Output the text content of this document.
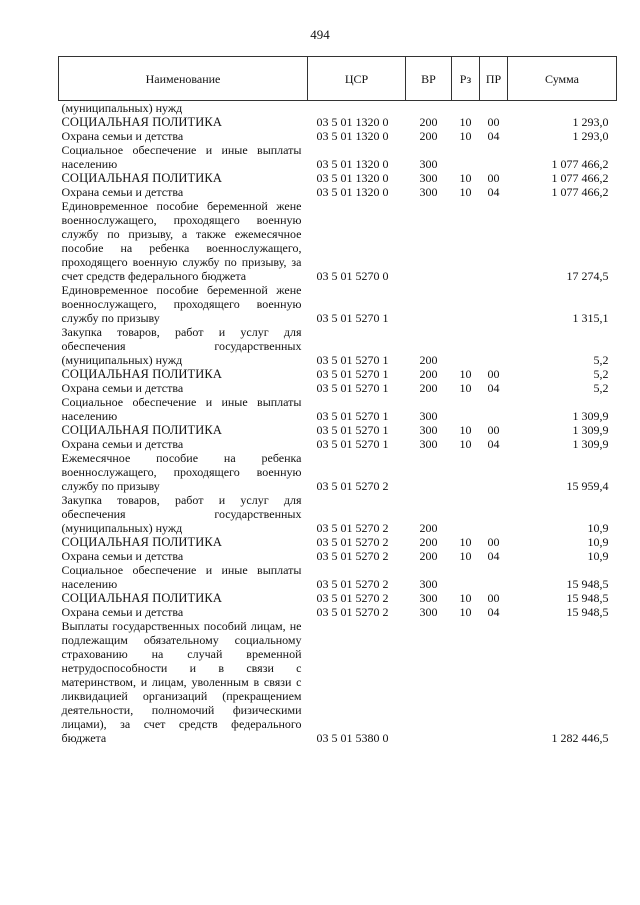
494
Наименование	ЦСР	ВР	Рз	ПР	Сумма
(муниципальных) нужд					
СОЦИАЛЬНАЯ ПОЛИТИКА	03 5 01 1320 0	200	10	00	1 293,0
Охрана семьи и детства	03 5 01 1320 0	200	10	04	1 293,0
Социальное обеспечение и иные выплаты населению	03 5 01 1320 0	300			1 077 466,2
СОЦИАЛЬНАЯ ПОЛИТИКА	03 5 01 1320 0	300	10	00	1 077 466,2
Охрана семьи и детства	03 5 01 1320 0	300	10	04	1 077 466,2
Единовременное пособие беременной жене военнослужащего, проходящего военную службу по призыву, а также ежемесячное пособие на ребенка военнослужащего, проходящего военную службу по призыву, за счет средств федерального бюджета	03 5 01 5270 0				17 274,5
Единовременное пособие беременной жене военнослужащего, проходящего военную службу по призыву	03 5 01 5270 1				1 315,1
Закупка товаров, работ и услуг для обеспечения государственных (муниципальных) нужд	03 5 01 5270 1	200			5,2
СОЦИАЛЬНАЯ ПОЛИТИКА	03 5 01 5270 1	200	10	00	5,2
Охрана семьи и детства	03 5 01 5270 1	200	10	04	5,2
Социальное обеспечение и иные выплаты населению	03 5 01 5270 1	300			1 309,9
СОЦИАЛЬНАЯ ПОЛИТИКА	03 5 01 5270 1	300	10	00	1 309,9
Охрана семьи и детства	03 5 01 5270 1	300	10	04	1 309,9
Ежемесячное пособие на ребенка военнослужащего, проходящего военную службу по призыву	03 5 01 5270 2				15 959,4
Закупка товаров, работ и услуг для обеспечения государственных (муниципальных) нужд	03 5 01 5270 2	200			10,9
СОЦИАЛЬНАЯ ПОЛИТИКА	03 5 01 5270 2	200	10	00	10,9
Охрана семьи и детства	03 5 01 5270 2	200	10	04	10,9
Социальное обеспечение и иные выплаты населению	03 5 01 5270 2	300			15 948,5
СОЦИАЛЬНАЯ ПОЛИТИКА	03 5 01 5270 2	300	10	00	15 948,5
Охрана семьи и детства	03 5 01 5270 2	300	10	04	15 948,5
Выплаты государственных пособий лицам, не подлежащим обязательному социальному страхованию на случай временной нетрудоспособности и в связи с материнством, и лицам, уволенным в связи с ликвидацией организаций (прекращением деятельности, полномочий физическими лицами), за счет средств федерального бюджета	03 5 01 5380 0				1 282 446,5
